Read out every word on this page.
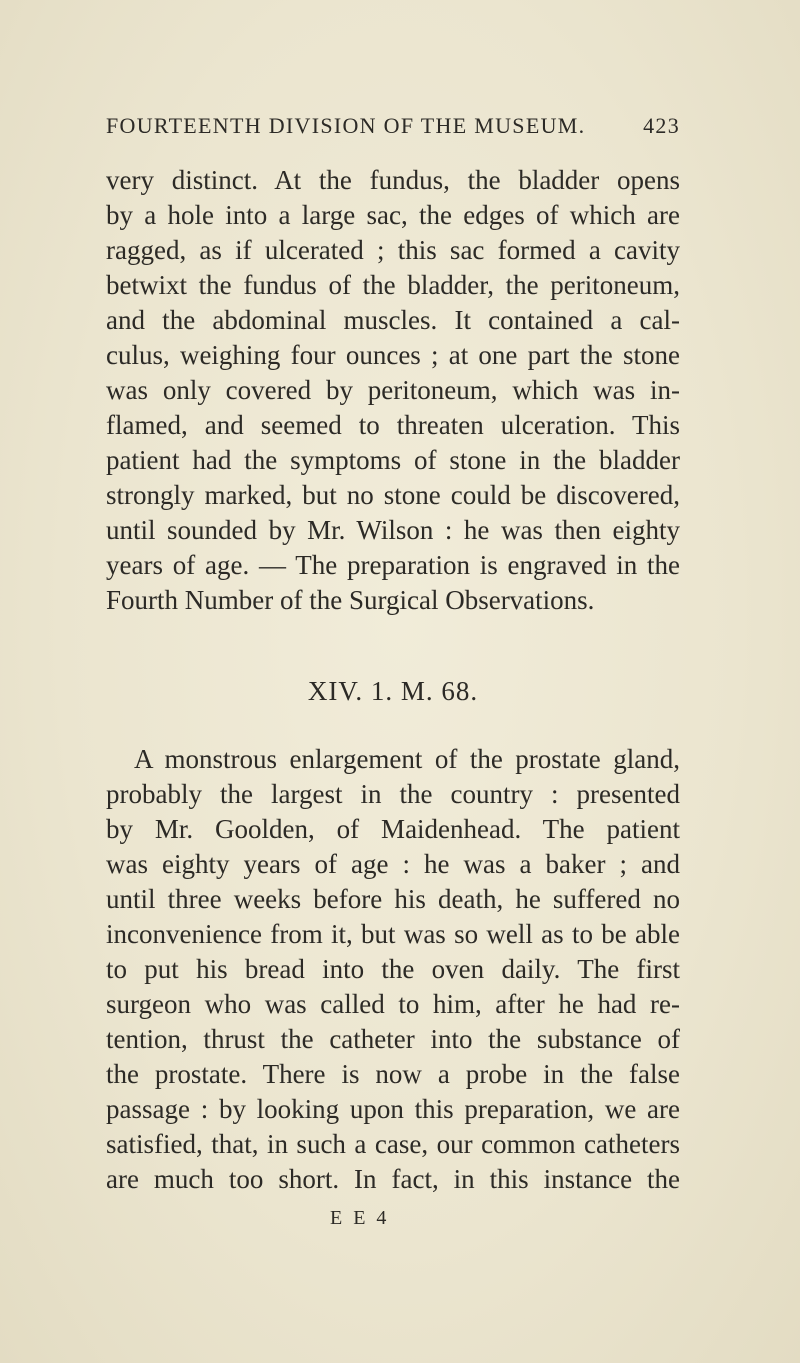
FOURTEENTH DIVISION OF THE MUSEUM.	423
very distinct. At the fundus, the bladder opens
by a hole into a large sac, the edges of which are
ragged, as if ulcerated ; this sac formed a cavity
betwixt the fundus of the bladder, the peritoneum,
and the abdominal muscles. It contained a cal-
culus, weighing four ounces ; at one part the stone
was only covered by peritoneum, which was in-
flamed, and seemed to threaten ulceration. This
patient had the symptoms of stone in the bladder
strongly marked, but no stone could be discovered,
until sounded by Mr. Wilson : he was then eighty
years of age. — The preparation is engraved in the
Fourth Number of the Surgical Observations.
XIV. 1. M. 68.
A monstrous enlargement of the prostate gland,
probably the largest in the country : presented
by Mr. Goolden, of Maidenhead. The patient
was eighty years of age : he was a baker ; and
until three weeks before his death, he suffered no
inconvenience from it, but was so well as to be able
to put his bread into the oven daily. The first
surgeon who was called to him, after he had re-
tention, thrust the catheter into the substance of
the prostate. There is now a probe in the false
passage : by looking upon this preparation, we are
satisfied, that, in such a case, our common catheters
are much too short. In fact, in this instance the
E E 4
